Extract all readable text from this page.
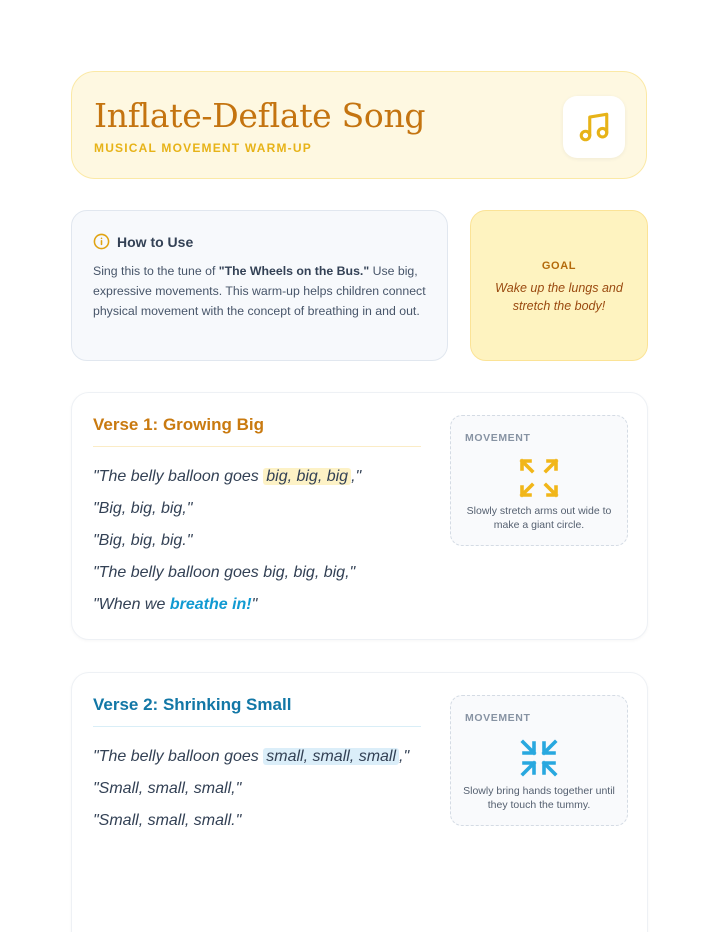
Inflate-Deflate Song
MUSICAL MOVEMENT WARM-UP
How to Use
Sing this to the tune of "The Wheels on the Bus." Use big, expressive movements. This warm-up helps children connect physical movement with the concept of breathing in and out.
GOAL
Wake up the lungs and stretch the body!
Verse 1: Growing Big
"The belly balloon goes big, big, big ,"
"Big, big, big,"
"Big, big, big."
"The belly balloon goes big, big, big,"
"When we breathe in!"
MOVEMENT
Slowly stretch arms out wide to make a giant circle.
Verse 2: Shrinking Small
"The belly balloon goes small, small, small ,"
"Small, small, small,"
"Small, small, small."
MOVEMENT
Slowly bring hands together until they touch the tummy.
